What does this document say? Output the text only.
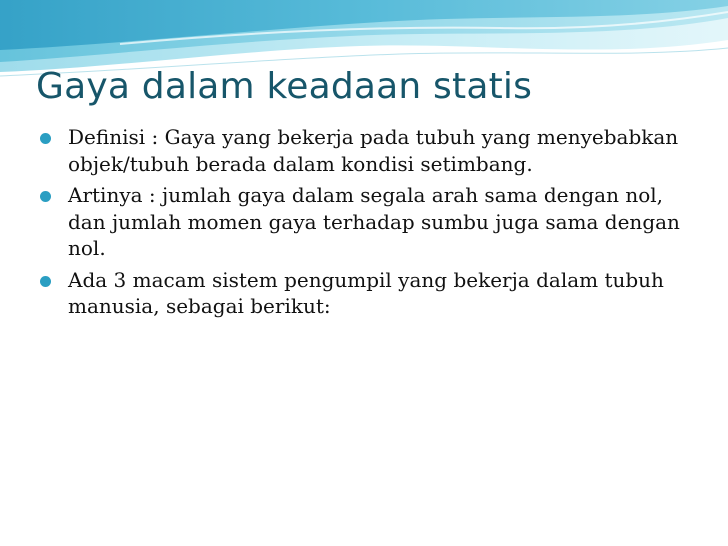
Gaya dalam keadaan statis
Definisi : Gaya yang bekerja pada tubuh yang menyebabkan objek/tubuh berada dalam kondisi setimbang.
Artinya : jumlah gaya dalam segala arah sama dengan nol, dan jumlah momen gaya terhadap sumbu juga sama dengan nol.
Ada 3 macam sistem pengumpil yang bekerja dalam tubuh manusia, sebagai berikut:
